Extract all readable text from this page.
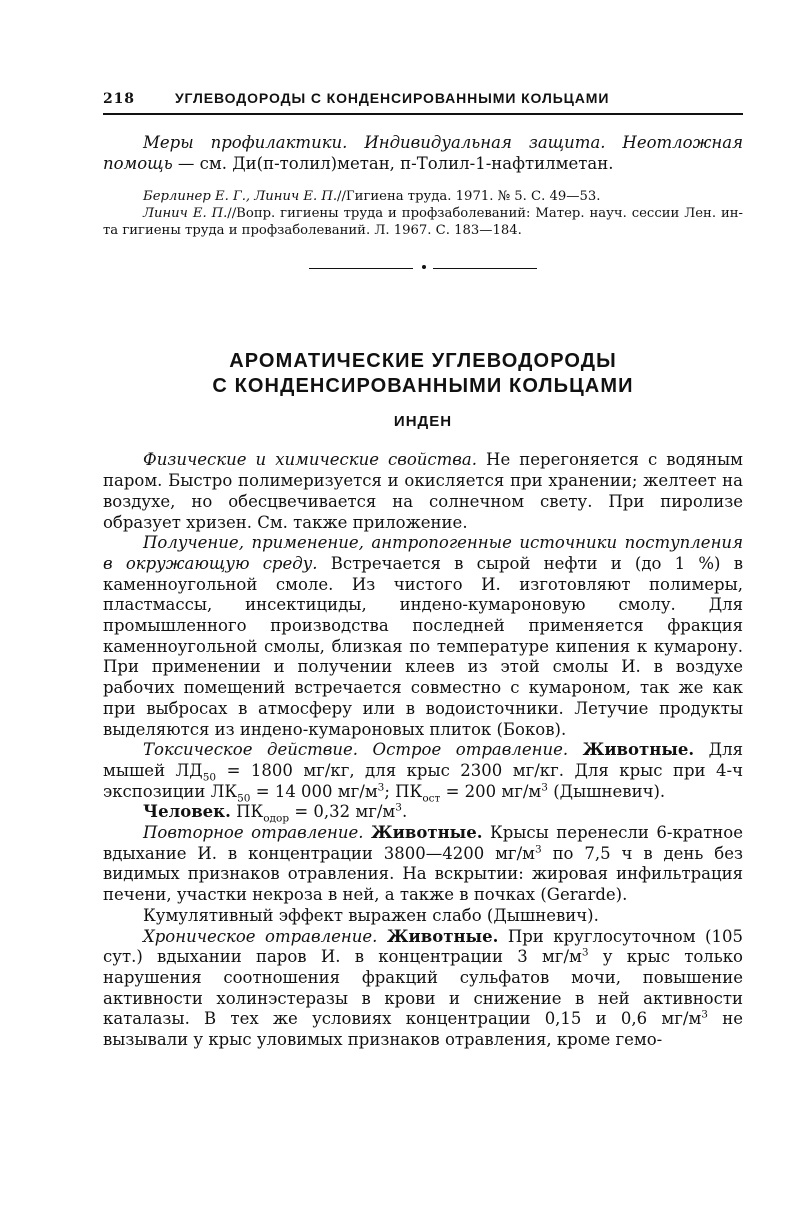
218	УГЛЕВОДОРОДЫ С КОНДЕНСИРОВАННЫМИ КОЛЬЦАМИ

Меры профилактики. Индивидуальная защита. Неотложная помощь — см. Ди(п-толил)метан, п-Толил-1-нафтилметан.

Берлинер Е. Г., Линич Е. П.//Гигиена труда. 1971. № 5. С. 49—53.
Линич Е. П.//Вопр. гигиены труда и профзаболеваний: Матер. науч. сессии Лен. ин-та гигиены труда и профзаболеваний. Л. 1967. С. 183—184.
АРОМАТИЧЕСКИЕ УГЛЕВОДОРОДЫ
С КОНДЕНСИРОВАННЫМИ КОЛЬЦАМИ
ИНДЕН

Физические и химические свойства. Не перегоняется с водяным паром. Быстро полимеризуется и окисляется при хранении; желтеет на воздухе, но обесцвечивается на солнечном свету. При пиролизе образует хризен. См. также приложение.

Получение, применение, антропогенные источники поступления в окружающую среду. Встречается в сырой нефти и (до 1 %) в каменноугольной смоле. Из чистого И. изготовляют полимеры, пластмассы, инсектициды, индено-кумароновую смолу. Для промышленного производства последней применяется фракция каменноугольной смолы, близкая по температуре кипения к кумарону. При применении и получении клеев из этой смолы И. в воздухе рабочих помещений встречается совместно с кумароном, так же как при выбросах в атмосферу или в водоисточники. Летучие продукты выделяются из индено-кумароновых плиток (Боков).

Токсическое действие. Острое отравление. Животные. Для мышей $ЛД_{50} = 1800$ мг/кг, для крыс 2300 мг/кг. Для крыс при 4-ч экспозиции $ЛК_{50} = 14$ 000 $мг/м^3$; $ПК_{ост} = 200$ $мг/м^3$ (Дышневич).

Человек. $ПК_{одор} = 0,32$ $мг/м^3$.

Повторное отравление. Животные. Крысы перенесли 6-кратное вдыхание И. в концентрации 3800—4200 $мг/м^3$ по 7,5 ч в день без видимых признаков отравления. На вскрытии: жировая инфильтрация печени, участки некроза в ней, а также в почках (Gerarde).

Кумулятивный эффект выражен слабо (Дышневич).

Хроническое отравление. Животные. При круглосуточном (105 сут.) вдыхании паров И. в концентрации 3 $мг/м^3$ у крыс только нарушения соотношения фракций сульфатов мочи, повышение активности холинэстеразы в крови и снижение в ней активности каталазы. В тех же условиях концентрации 0,15 и 0,6 $мг/м^3$ не вызывали у крыс уловимых признаков отравления, кроме гемо-
